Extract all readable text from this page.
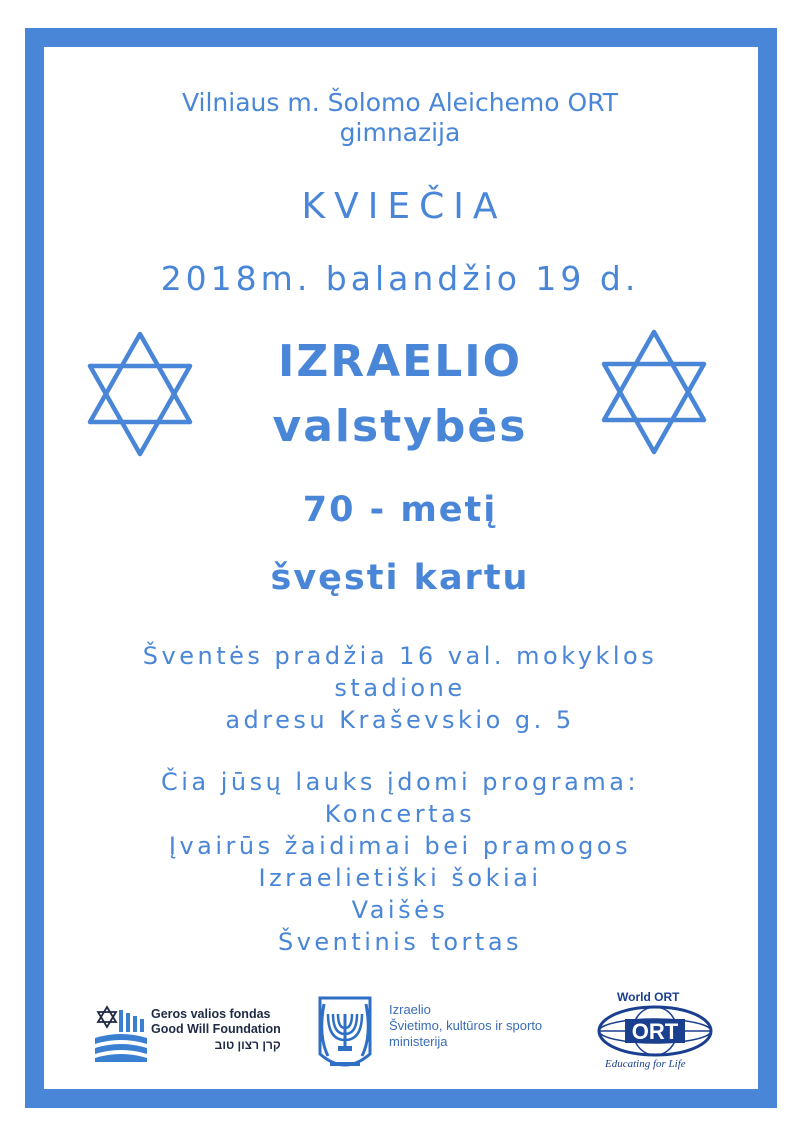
Vilniaus m. Šolomo Aleichemo ORT
gimnazija
KVIEČIA
2018m. balandžio 19 d.
IZRAELIO
valstybės
70 - metį
švęsti kartu
Šventės pradžia 16 val. mokyklos
stadione
adresu Kraševskio g. 5
Čia jūsų lauks įdomi programa:
Koncertas
Įvairūs žaidimai bei pramogos
Izraelietiški šokiai
Vaišės
Šventinis tortas
Geros valios fondas
Good Will Foundation
קרן רצון טוב
Izraelio
Švietimo, kultūros ir sporto
ministerija
World ORT
ORT
Educating for Life
